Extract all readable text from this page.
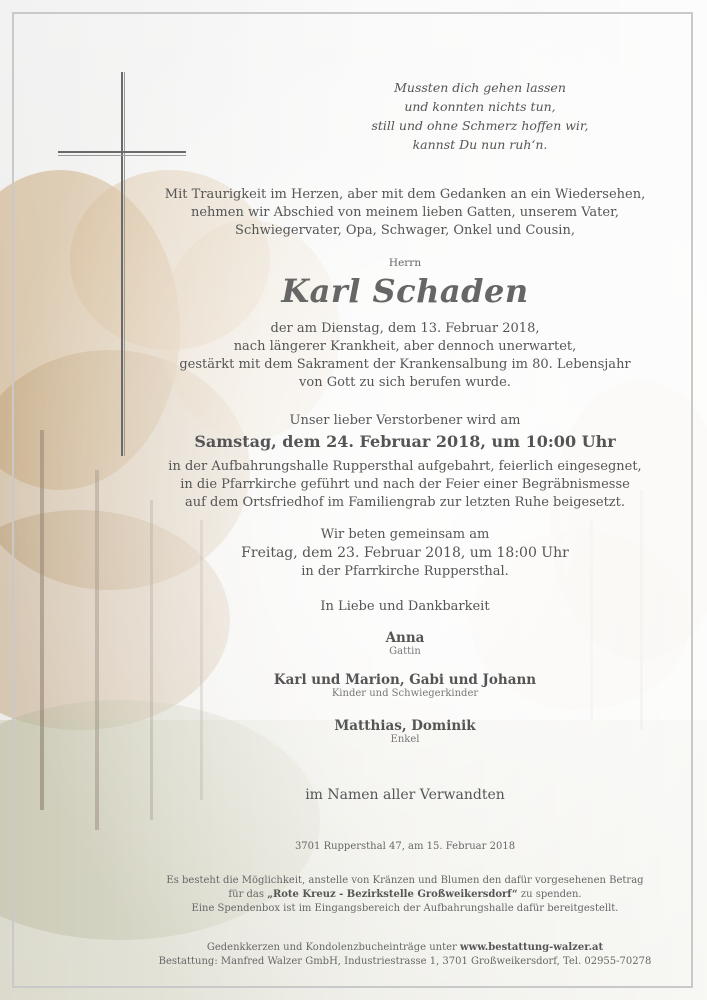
Mussten dich gehen lassen
und konnten nichts tun,
still und ohne Schmerz hoffen wir,
kannst Du nun ruh‘n.
Mit Traurigkeit im Herzen, aber mit dem Gedanken an ein Wiedersehen,
nehmen wir Abschied von meinem lieben Gatten, unserem Vater,
Schwiegervater, Opa, Schwager, Onkel und Cousin,
Herrn
Karl Schaden
der am Dienstag, dem 13. Februar 2018,
nach längerer Krankheit, aber dennoch unerwartet,
gestärkt mit dem Sakrament der Krankensalbung im 80. Lebensjahr
von Gott zu sich berufen wurde.
Unser lieber Verstorbener wird am
Samstag, dem 24. Februar 2018, um 10:00 Uhr
in der Aufbahrungshalle Ruppersthal aufgebahrt, feierlich eingesegnet,
in die Pfarrkirche geführt und nach der Feier einer Begräbnismesse
auf dem Ortsfriedhof im Familiengrab zur letzten Ruhe beigesetzt.
Wir beten gemeinsam am
Freitag, dem 23. Februar 2018, um 18:00 Uhr
in der Pfarrkirche Ruppersthal.
In Liebe und Dankbarkeit
Anna
Gattin
Karl und Marion, Gabi und Johann
Kinder und Schwiegerkinder
Matthias, Dominik
Enkel
im Namen aller Verwandten
3701 Ruppersthal 47, am 15. Februar 2018
Es besteht die Möglichkeit, anstelle von Kränzen und Blumen den dafür vorgesehenen Betrag
für das „Rote Kreuz - Bezirkstelle Großweikersdorf“ zu spenden.
Eine Spendenbox ist im Eingangsbereich der Aufbahrungshalle dafür bereitgestellt.
Gedenkkerzen und Kondolenzbucheinträge unter www.bestattung-walzer.at
Bestattung: Manfred Walzer GmbH, Industriestrasse 1, 3701 Großweikersdorf, Tel. 02955-70278
